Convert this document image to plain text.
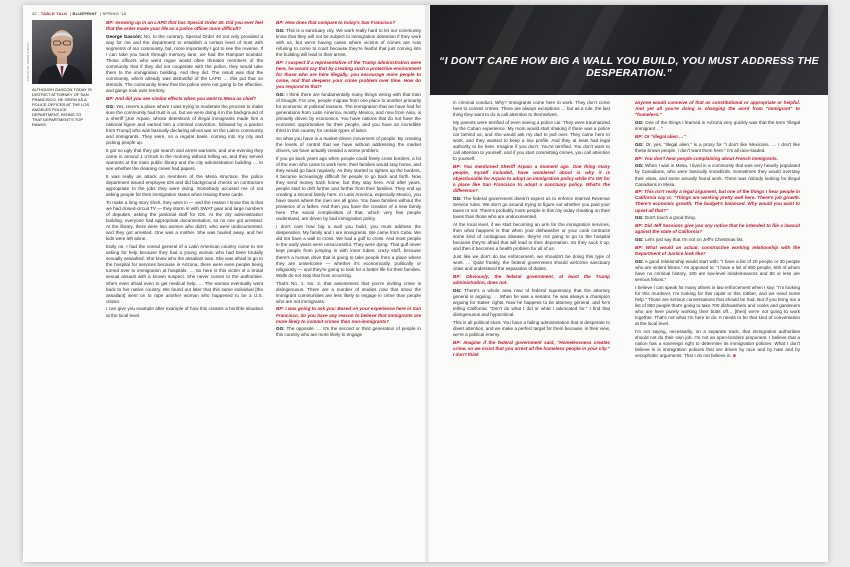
32 TABLE TALK  | BLUEPRINT  | SPRING '18

PHOTO BY DAVID STRICK
ALTHOUGH GASCÓN TODAY IS DISTRICT ATTORNEY OF SAN FRANCISCO, HE GREW AS A POLICE OFFICER AT THE LOS ANGELES POLICE DEPARTMENT, RISING TO THAT DEPARTMENT'S TOP RANKS.

BP: Growing up in an LAPD that has Special Order 40. Did you ever feel that the order made your life as a police officer more difficult?

George Gascón: No, to the contrary. Special Order 40 not only provided a way for me and the department to establish a certain level of trust with segments of our community, but, more importantly I got to see the reverse. If I can take you back through memory lane, we had the Rampart scandal. Those officers who went rogue would often threaten members of the community that if they did not cooperate with the police, they would take them to the immigration building. And they did. The result was that the community, which already was distrustful of the LAPD … this put that on steroids. The community knew that the police were not going to be effective, and gangs took over territory.

BP: And did you see similar effects when you went to Mesa as chief?

GG: Yes. Here's a place where I was trying to moderate the process to make sure the community had trust in us, but we were doing it in the background of a sheriff [Joe Arpaio, whose detentions of illegal immigrants made him a national figure and earned him a criminal conviction, followed by a pardon from Trump] who was basically declaring all-out war on the Latino community and immigrants. They were, on a regular basis, coming into my city and picking people up.

It got so ugly that they got search and arrest warrants, and one evening they came in around 1 o'clock in the morning without telling us, and they served warrants at the main public library and the city administration building … to see whether the cleaning crews had papers.

It was really an attack on members of the Mesa structure, the police department issued employee IDs and did background checks on contractors appropriate to the jobs they were doing. Somebody accused me of not asking people for their immigration status when issuing these cards.

To make a long story short, they went in — and the reason I know this is that we had closed-circuit TV — they storm in with SWAT gear and large numbers of deputies, asking the janitorial staff for IDs. At the city administration building, everyone had appropriate documentation, so no one got arrested. At the library, there were two women who didn't, who were undocumented, and they got arrested. One was a mother. She was hauled away, and her kids were left alone.

Early on, I had the consul general of a Latin American country come to me asking for help because they had a young woman who had been brutally sexually assaulted. She knew who the assailant was. She was afraid to go to the hospital for services because in Arizona, there were even people being turned over to immigration at hospitals. … So here is this victim of a brutal sexual assault with a known suspect. She never comes to the authorities. She's even afraid even to get medical help. … The woman eventually went back to her native country. We found out later that this same individual [the assailant] went on to rape another woman who happened to be a U.S. citizen.

I can give you example after example of how this creates a horrible situation at the local level.

BP: How does that compare to today's San Francisco?

GG: This is a sanctuary city. We work really hard to let our community know that they will not be subject to immigration detention if they work with us, but we're having cases where victims of crimes are now refusing to come to court because they're fearful that just coming into the building will lead to their arrest.

BP: I suspect if a representative of the Trump administration were here, he would say that by creating such a protective environment for those who are here illegally, you encourage more people to come, and that deepens your crime problem over time. How do you respond to that?

GG: I think there are fundamentally many things wrong with that train of thought. For one, people migrate from one place to another primarily for economic or political reasons. The immigration that we have had for generations from Latin America, mostly Mexico, and now from Asia, is primarily driven by economics. You have nations that do not have the economic opportunities for their people, and you have an incredible thirst in this country for certain types of labor.

So what you have is a market-driven movement of people. By creating the levels of control that we have without addressing the market drivers, we have actually created a worse problem.

If you go back years ago when people could freely cross borders, a lot of the men who came to work here, their families would stay home, and they would go back regularly. As they started to tighten up the borders, it became increasingly difficult for people to go back and forth. Now they send money back home, but they stay here. And after years, people start to drift further and further from their families. They end up creating a second family here. In Latin America, especially Mexico, you have towns where the men are all gone. You have families without the presence of a father. And then you have the creation of a new family here. The social complexities of that, which very few people understand, are driven by bad immigration policy.

I don't care how big a wall you build, you must address the desperation. My family and I are immigrants. We came from Cuba. We did not have a wall to cross. We had a gulf to cross. And most people in the early years were unsuccessful. They were dying. That gulf never kept people from jumping in with inner tubes, crazy stuff, because there's a human drive that is going to take people from a place where they are unwelcome — whether it's economically, politically or religiously — and they're going to look for a better life for their families. Walls do not stop that from occurring.

That's No. 1. No. 2, that assessment that you're inviting crime is disingenuous. There are a number of studies now that show the immigrant communities are less likely to engage in crime than people who are not immigrants.

BP: I was going to ask you: Based on your experience here in San Francisco, do you have any reason to believe that immigrants are more likely to commit crimes than non-immigrants?

GG: The opposite. … It's the second or third generation of people in this country who are more likely to engage

“I DON'T CARE HOW BIG A WALL YOU BUILD, YOU MUST ADDRESS THE DESPERATION.”

in criminal conduct. Why? Immigrants come here to work. They don't come here to commit crimes. There are always exceptions … but as a rule, the last thing they want to do is call attention to themselves.

My parents were terrified of even seeing a police car. They were traumatized by the Cuban experience. My mom would start shaking if there was a police car behind us, and she would ask my dad to pull over. They came here to work, and they wanted to keep a low profile. And they at least had legal authority to be here. Imagine if you don't. You're terrified. You don't want to call attention to yourself, and if you start committing crimes, you call attention to yourself.

BP: You mentioned Sheriff Arpaio a moment ago. One thing many people, myself included, have wondered about is why it is objectionable for Arpaio to adopt an immigration policy while it's OK for a place like San Francisco to adopt a sanctuary policy. What's the difference?

GG: The federal government doesn't expect us to enforce Internal Revenue Service rules. We don't go around trying to figure out whether you paid your taxes or not. There's probably more people in this city today cheating on their taxes than those who are undocumented.

At the local level, if we start becoming an arm for the immigration services, then what happens is that when your dishwasher or your cook contracts some kind of contagious disease, they're not going to go to the hospital because they're afraid that will lead to their deportation. So they suck it up, and then it becomes a health problem for all of us.

Just like we don't do tax enforcement, we shouldn't be doing this type of work. … Quite frankly, the federal government should welcome sanctuary cities and understand the separation of duties.

BP: Obviously, the federal government, at least the Trump administration, does not.

GG: There's a whole area now of federal supremacy that the attorney general is arguing. … When he was a senator, he was always a champion arguing for states' rights. Now he happens to be attorney general, and he's telling California: "Don't do what I did or what I advocated for." I find that disingenuous and hypocritical.

This is all political stunt. You have a failing administration that is desperate to divert attention, and we make a perfect target for them because, in their view, we're a political enemy.

BP: Imagine if the federal government said, "Homelessness creates crime, so we insist that you arrest all the homeless people in your city." I don't think

anyone would conceive of that as constitutional or appropriate or helpful. And yet all you're doing is changing the word from "immigrant" to "homeless."

GG: One of the things I learned in Arizona very quickly was that the term "illegal immigrant …"

BP: Or "illegal alien …"

GG: Or, yes, "illegal alien," is a proxy for "I don't like Mexicans. … I don't like these brown people. I don't want them here." It's all race-loaded.

BP: You don't hear people complaining about French immigrants.

GG: When I was in Mesa, I lived in a community that was very heavily populated by Canadians, who were basically snowbirds. Sometimes they would overstay their visas, and some actually found work. There was nobody looking for illegal Canadians in Mesa.

BP: This isn't really a legal argument, but one of the things I hear people in California say is: "Things are working pretty well here. There's job growth. There's economic growth. The budget's balanced. Why would you want to upset all that?"

GG: Don't touch a good thing.

BP: Did Jeff Sessions give you any notice that he intended to file a lawsuit against the state of California?

GG: Let's just say that I'm not on Jeff's Christmas list.

BP: What would an actual, constructive working relationship with the Department of Justice look like?

GG: A good relationship would start with: "I have a list of 20 people or 30 people who are violent felons." As opposed to: "I have a list of 800 people, 600 of whom have no criminal history, 100 are low-level misdemeanors and 80 or less are serious felons."

I believe I can speak for many others in law enforcement when I say: "I'm looking for this murderer, I'm looking for this rapist or this robber, and we need some help." Those are serious conversations that should be had. But if you bring me a list of 800 people that's going to take 700 dishwashers and cooks and gardeners who are here purely working their butts off… [then] we're not going to work together. That's not what I'm here to do. It needs to be that kind of conversation at the local level.

I'm not saying, necessarily, on a separate track, that immigration authorities should not do their own job. I'm not an open-borders proponent. I believe that a nation has a sovereign right to determine its immigration policies. What I don't believe in is immigration policies that are driven by race and by hate and by xenophobic arguments. That I do not believe in. ■
